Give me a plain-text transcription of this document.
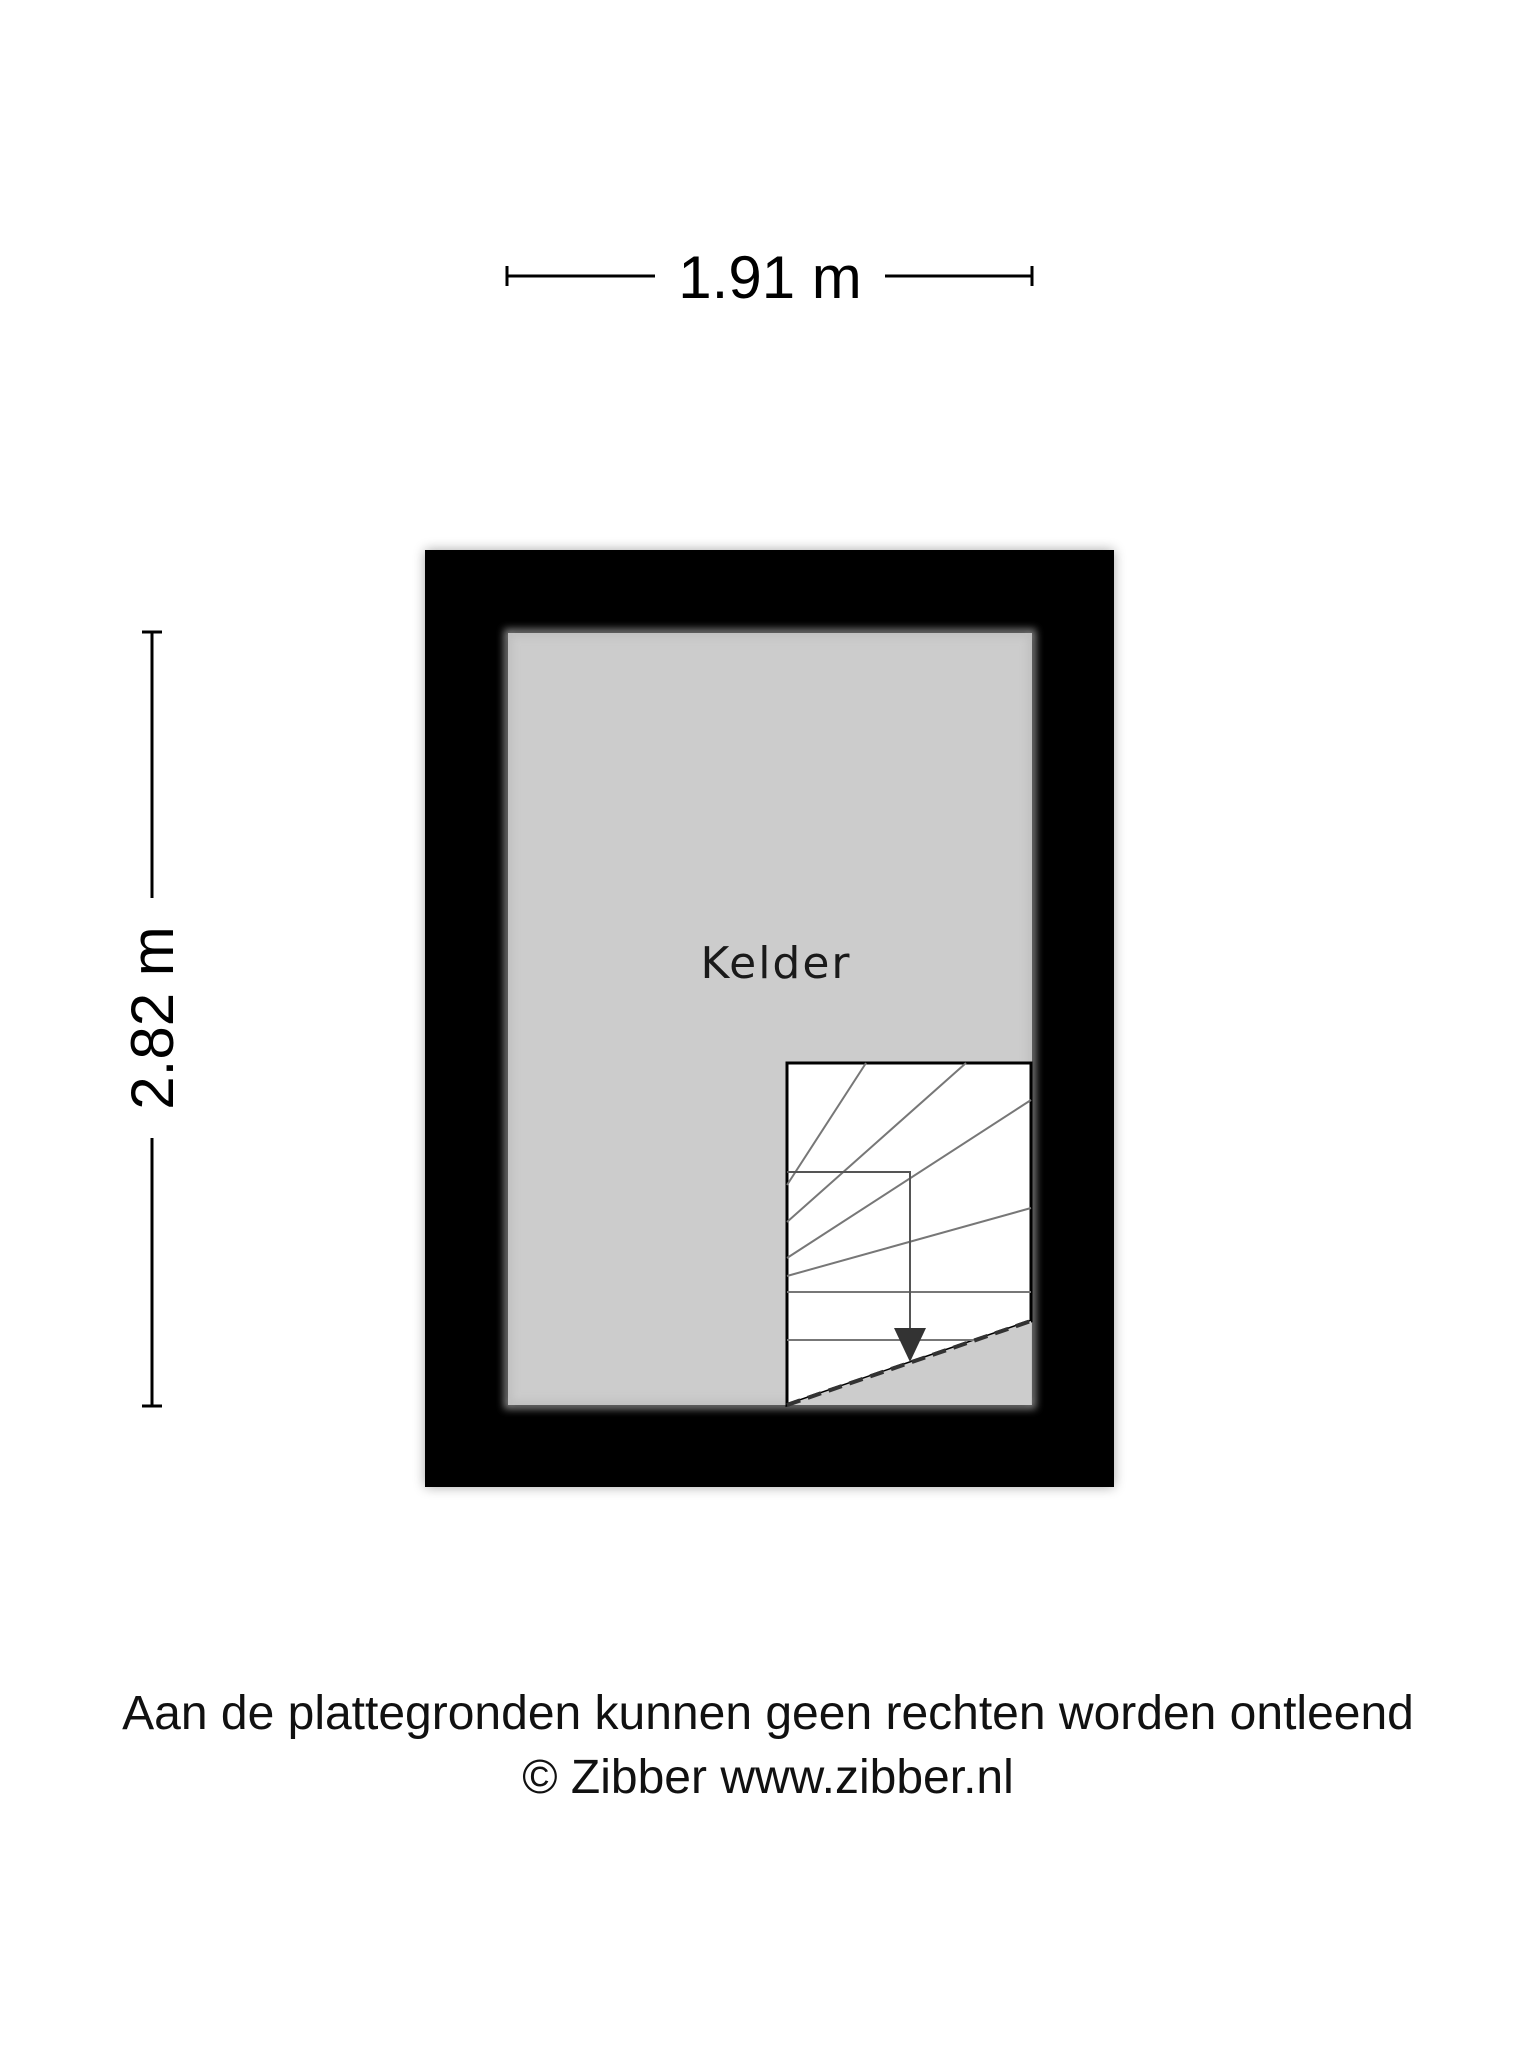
1.91 m
2.82 m	Kelder
Aan de plattegronden kunnen geen rechten worden ontleend
© Zibber www.zibber.nl
